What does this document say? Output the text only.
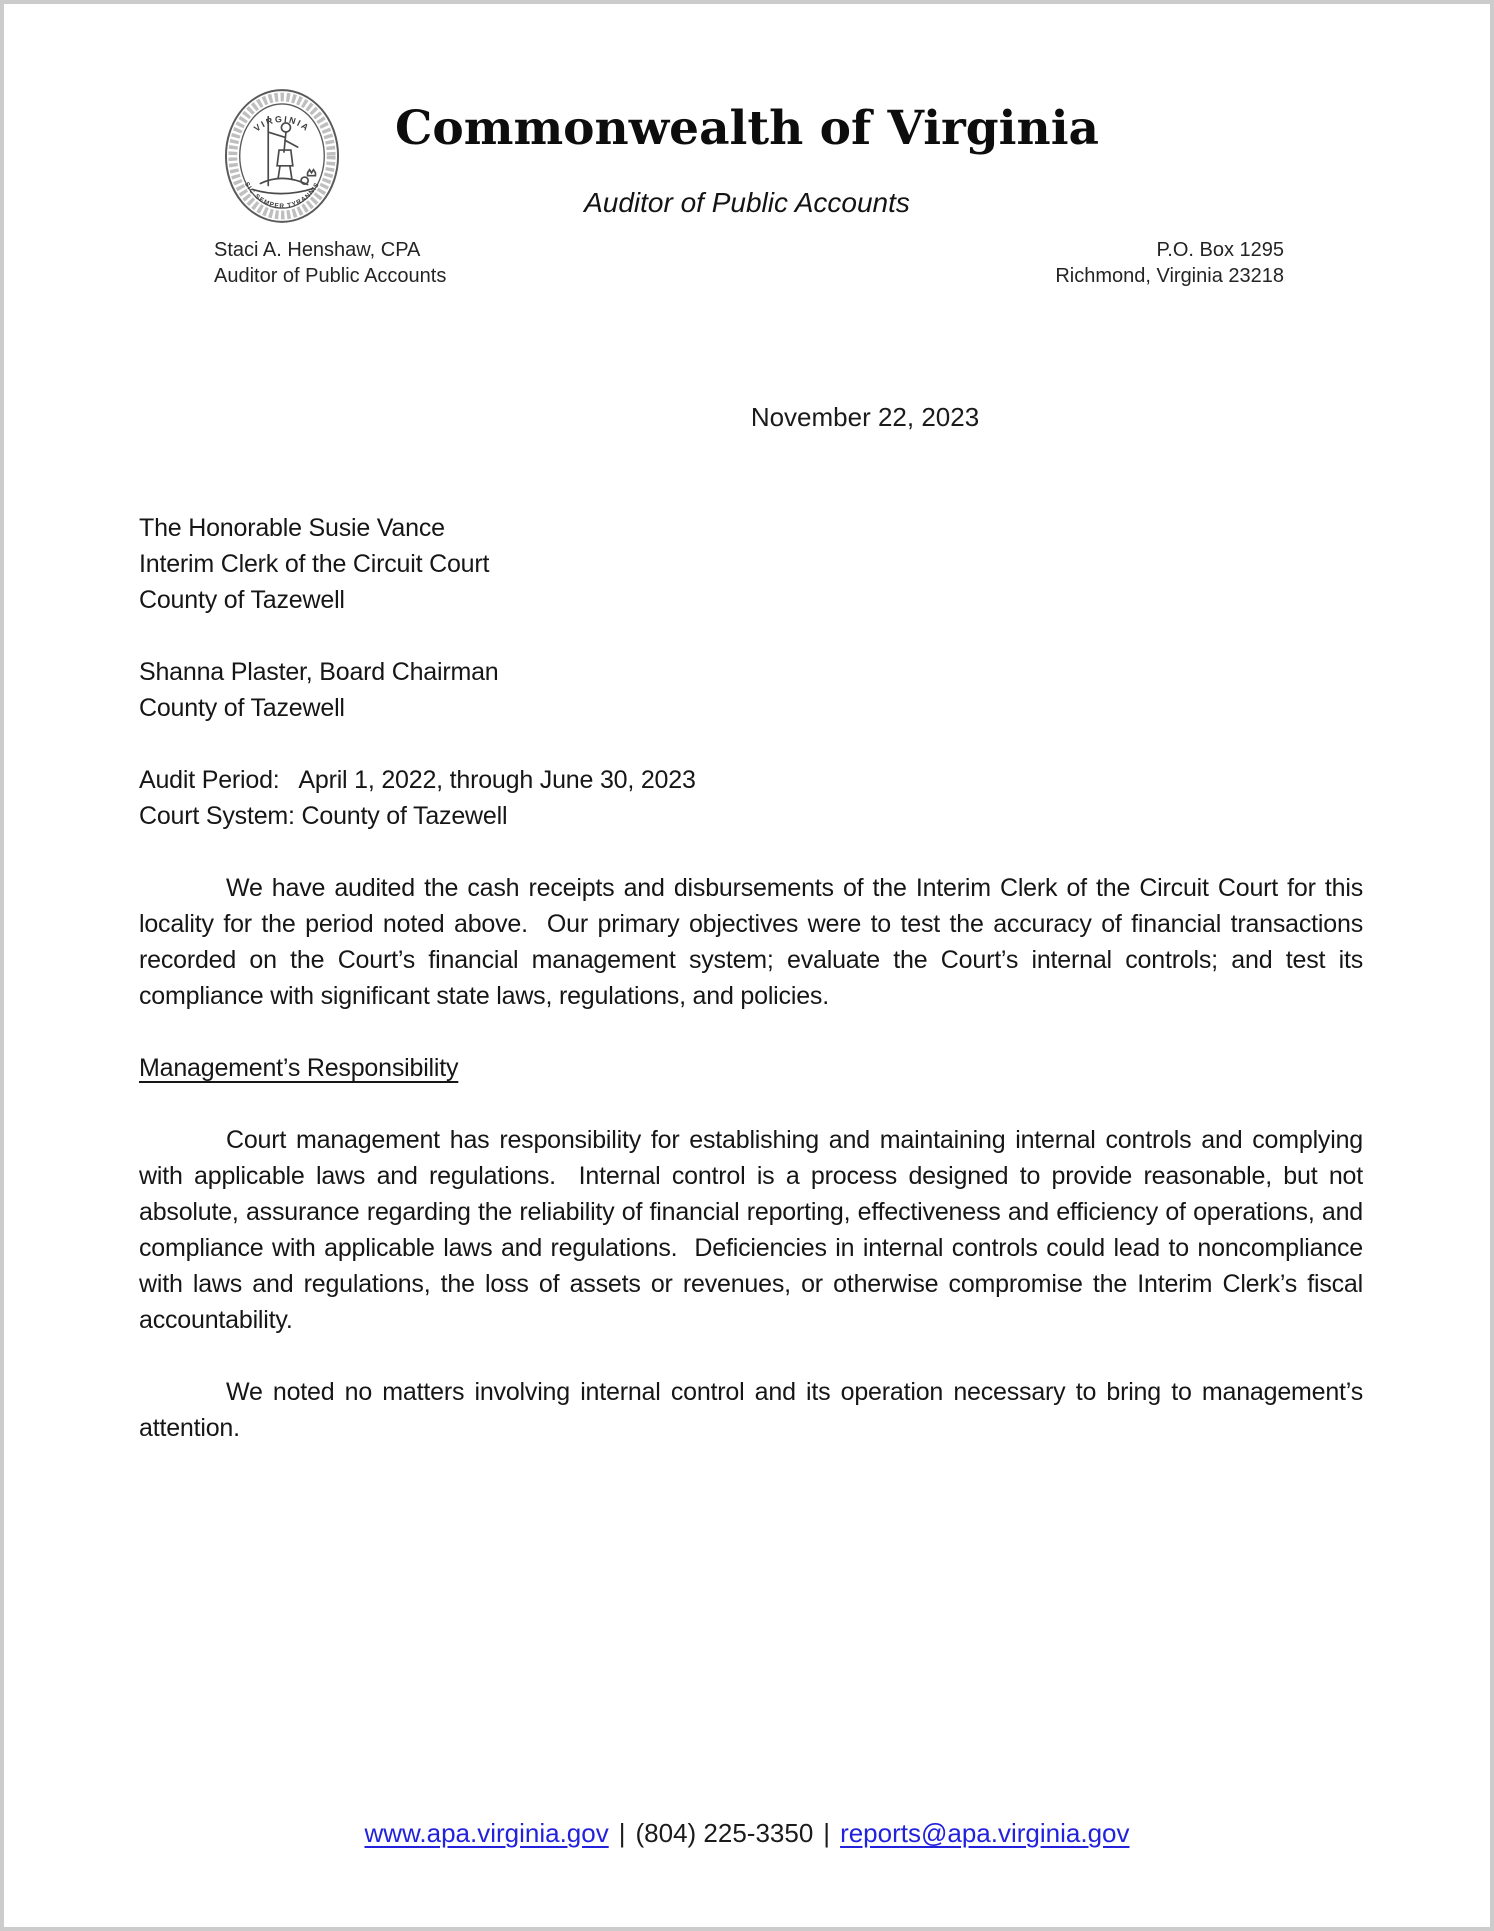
VIRGINIA
SIC SEMPER TYRANNIS
Commonwealth of Virginia
Auditor of Public Accounts
Staci A. Henshaw, CPA
Auditor of Public Accounts
P.O. Box 1295
Richmond, Virginia 23218
November 22, 2023
The Honorable Susie Vance
Interim Clerk of the Circuit Court
County of Tazewell
Shanna Plaster, Board Chairman
County of Tazewell
Audit Period:   April 1, 2022, through June 30, 2023
Court System: County of Tazewell

We have audited the cash receipts and disbursements of the Interim Clerk of the Circuit Court for this locality for the period noted above.  Our primary objectives were to test the accuracy of financial transactions recorded on the Court’s financial management system; evaluate the Court’s internal controls; and test its compliance with significant state laws, regulations, and policies.

Management’s Responsibility

Court management has responsibility for establishing and maintaining internal controls and complying with applicable laws and regulations.  Internal control is a process designed to provide reasonable, but not absolute, assurance regarding the reliability of financial reporting, effectiveness and efficiency of operations, and compliance with applicable laws and regulations.  Deficiencies in internal controls could lead to noncompliance with laws and regulations, the loss of assets or revenues, or otherwise compromise the Interim Clerk’s fiscal accountability.

We noted no matters involving internal control and its operation necessary to bring to management’s attention.

www.apa.virginia.gov | (804) 225-3350 | reports@apa.virginia.gov
